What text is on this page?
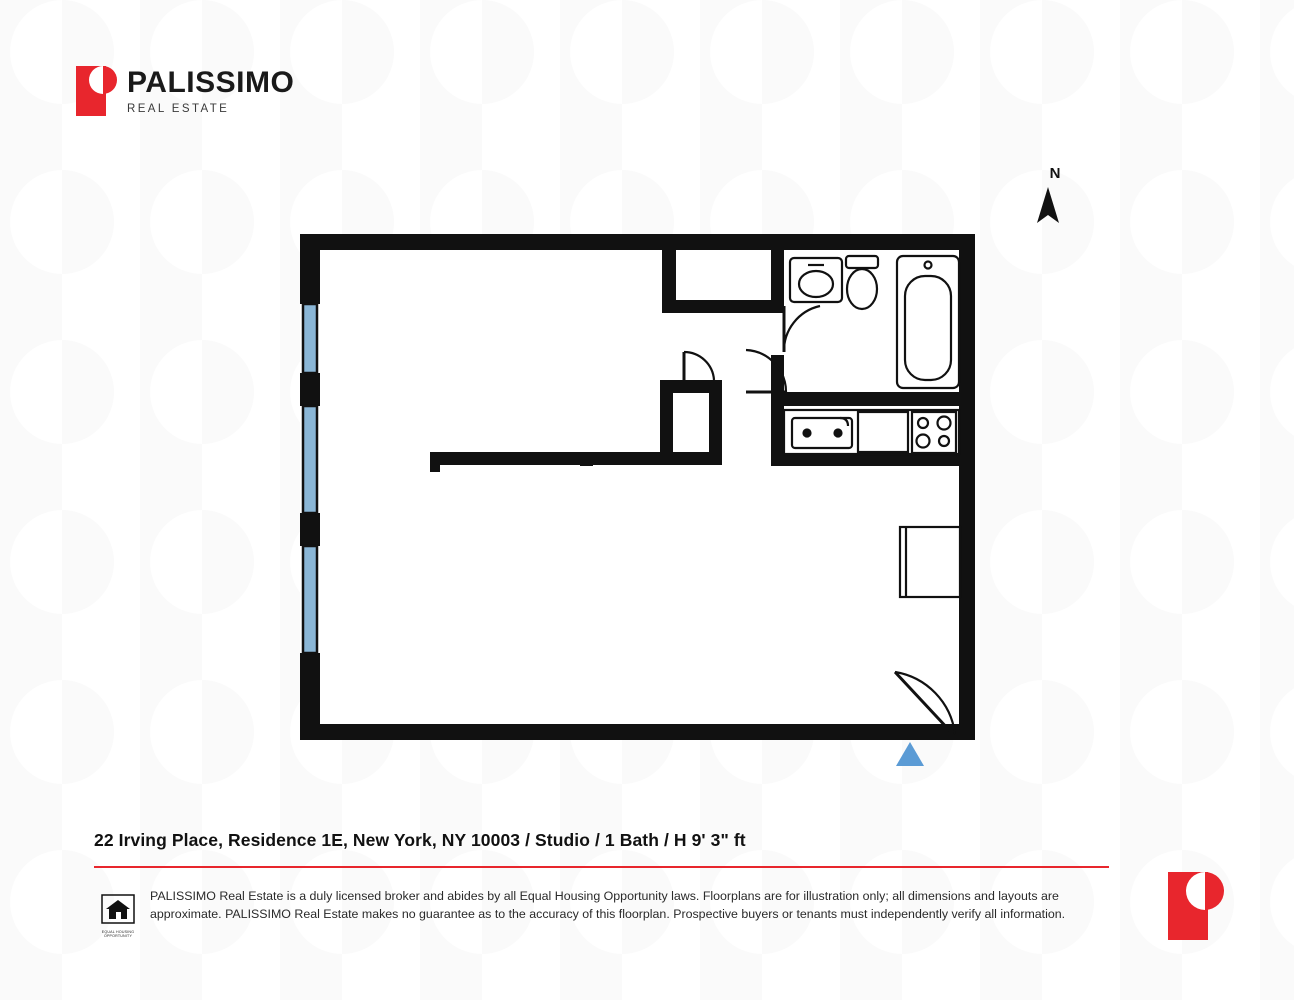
PALISSIMO
REAL ESTATE
N
22 Irving Place, Residence 1E, New York, NY 10003 / Studio / 1 Bath / H 9' 3" ft
EQUAL HOUSING OPPORTUNITY
PALISSIMO Real Estate is a duly licensed broker and abides by all Equal Housing Opportunity laws. Floorplans are for illustration only; all dimensions and layouts are approximate. PALISSIMO Real Estate makes no guarantee as to the accuracy of this floorplan. Prospective buyers or tenants must independently verify all information.
